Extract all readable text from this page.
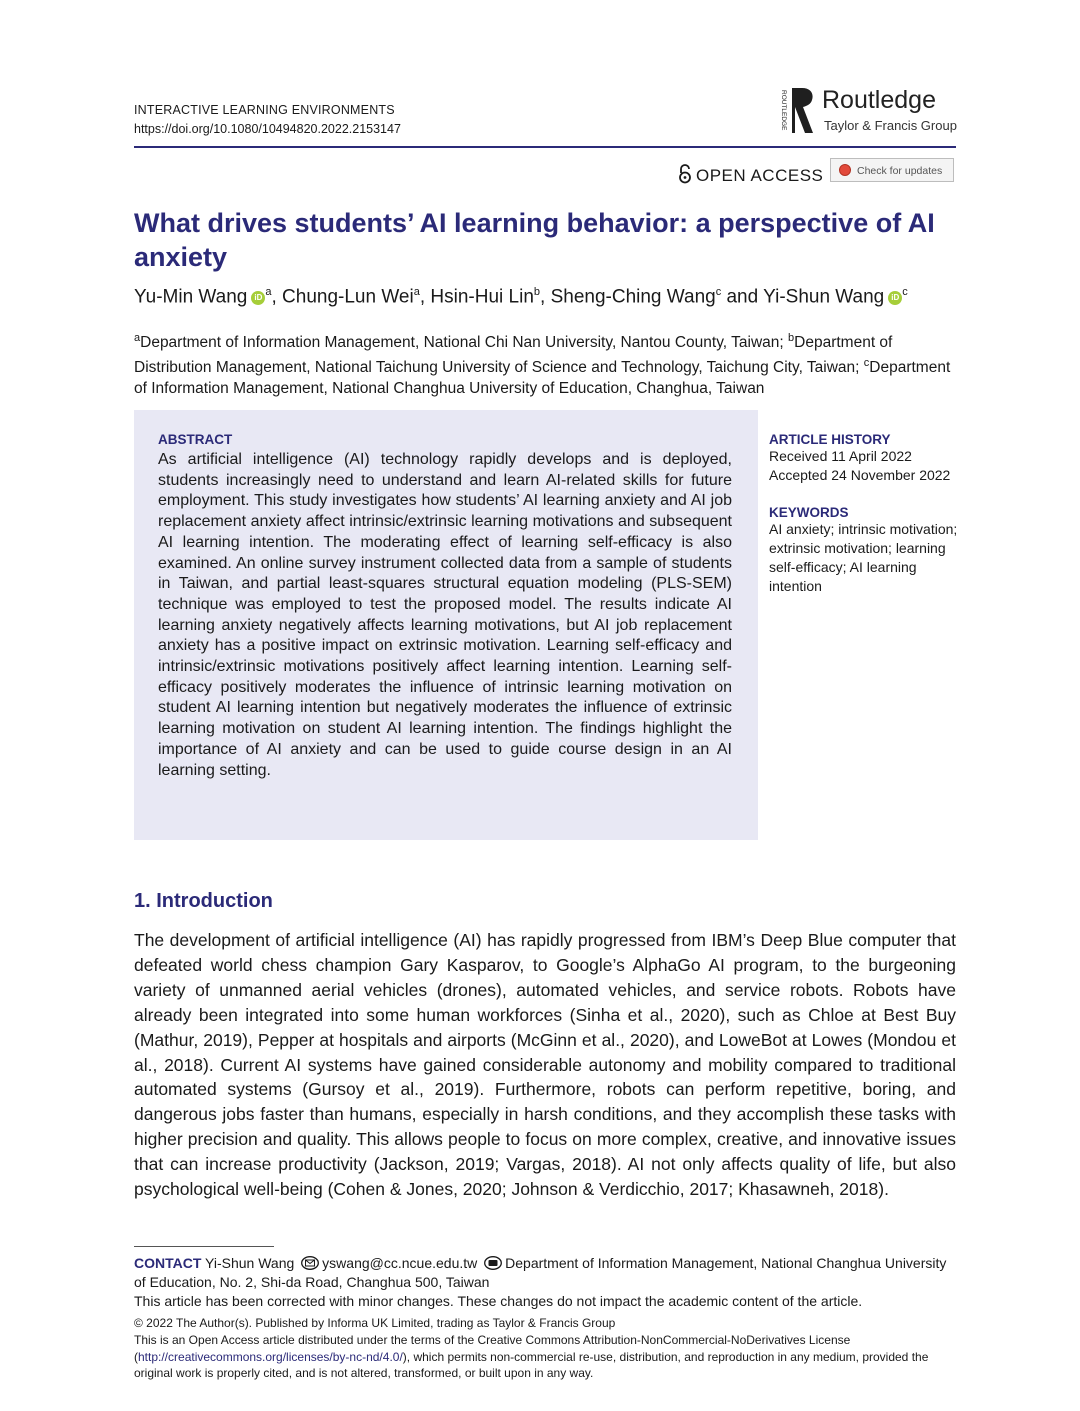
INTERACTIVE LEARNING ENVIRONMENTS
https://doi.org/10.1080/10494820.2022.2153147	ROUTLEDGE Routledge
Taylor & Francis Group
OPEN ACCESS	Check for updates
What drives students’ AI learning behavior: a perspective of AI anxiety
Yu-Min Wang iD $^a$, Chung-Lun Wei$^a$, Hsin-Hui Lin$^b$, Sheng-Ching Wang$^c$ and Yi-Shun Wang iD $^c$
$^a$Department of Information Management, National Chi Nan University, Nantou County, Taiwan; $^b$Department of Distribution Management, National Taichung University of Science and Technology, Taichung City, Taiwan; $^c$Department of Information Management, National Changhua University of Education, Changhua, Taiwan
ABSTRACT
As artificial intelligence (AI) technology rapidly develops and is deployed, students increasingly need to understand and learn AI-related skills for future employment. This study investigates how students’ AI learning anxiety and AI job replacement anxiety affect intrinsic/extrinsic learning motivations and subsequent AI learning intention. The moderating effect of learning self-efficacy is also examined. An online survey instrument collected data from a sample of students in Taiwan, and partial least-squares structural equation modeling (PLS-SEM) technique was employed to test the proposed model. The results indicate AI learning anxiety negatively affects learning motivations, but AI job replacement anxiety has a positive impact on extrinsic motivation. Learning self-efficacy and intrinsic/extrinsic motivations positively affect learning intention. Learning self-efficacy positively moderates the influence of intrinsic learning motivation on student AI learning intention but negatively moderates the influence of extrinsic learning motivation on student AI learning intention. The findings highlight the importance of AI anxiety and can be used to guide course design in an AI learning setting.
ARTICLE HISTORY
Received 11 April 2022
Accepted 24 November 2022
KEYWORDS
AI anxiety; intrinsic motivation; extrinsic motivation; learning self-efficacy; AI learning intention
1. Introduction
The development of artificial intelligence (AI) has rapidly progressed from IBM’s Deep Blue computer that defeated world chess champion Gary Kasparov, to Google’s AlphaGo AI program, to the burgeoning variety of unmanned aerial vehicles (drones), automated vehicles, and service robots. Robots have already been integrated into some human workforces (Sinha et al., 2020), such as Chloe at Best Buy (Mathur, 2019), Pepper at hospitals and airports (McGinn et al., 2020), and LoweBot at Lowes (Mondou et al., 2018). Current AI systems have gained considerable autonomy and mobility compared to traditional automated systems (Gursoy et al., 2019). Furthermore, robots can perform repetitive, boring, and dangerous jobs faster than humans, especially in harsh conditions, and they accomplish these tasks with higher precision and quality. This allows people to focus on more complex, creative, and innovative issues that can increase productivity (Jackson, 2019; Vargas, 2018). AI not only affects quality of life, but also psychological well-being (Cohen & Jones, 2020; Johnson & Verdicchio, 2017; Khasawneh, 2018).
CONTACT Yi-Shun Wang yswang@cc.ncue.edu.tw Department of Information Management, National Changhua University of Education, No. 2, Shi-da Road, Changhua 500, Taiwan
This article has been corrected with minor changes. These changes do not impact the academic content of the article.
© 2022 The Author(s). Published by Informa UK Limited, trading as Taylor & Francis Group
This is an Open Access article distributed under the terms of the Creative Commons Attribution-NonCommercial-NoDerivatives License (http://creativecommons.org/licenses/by-nc-nd/4.0/), which permits non-commercial re-use, distribution, and reproduction in any medium, provided the original work is properly cited, and is not altered, transformed, or built upon in any way.
